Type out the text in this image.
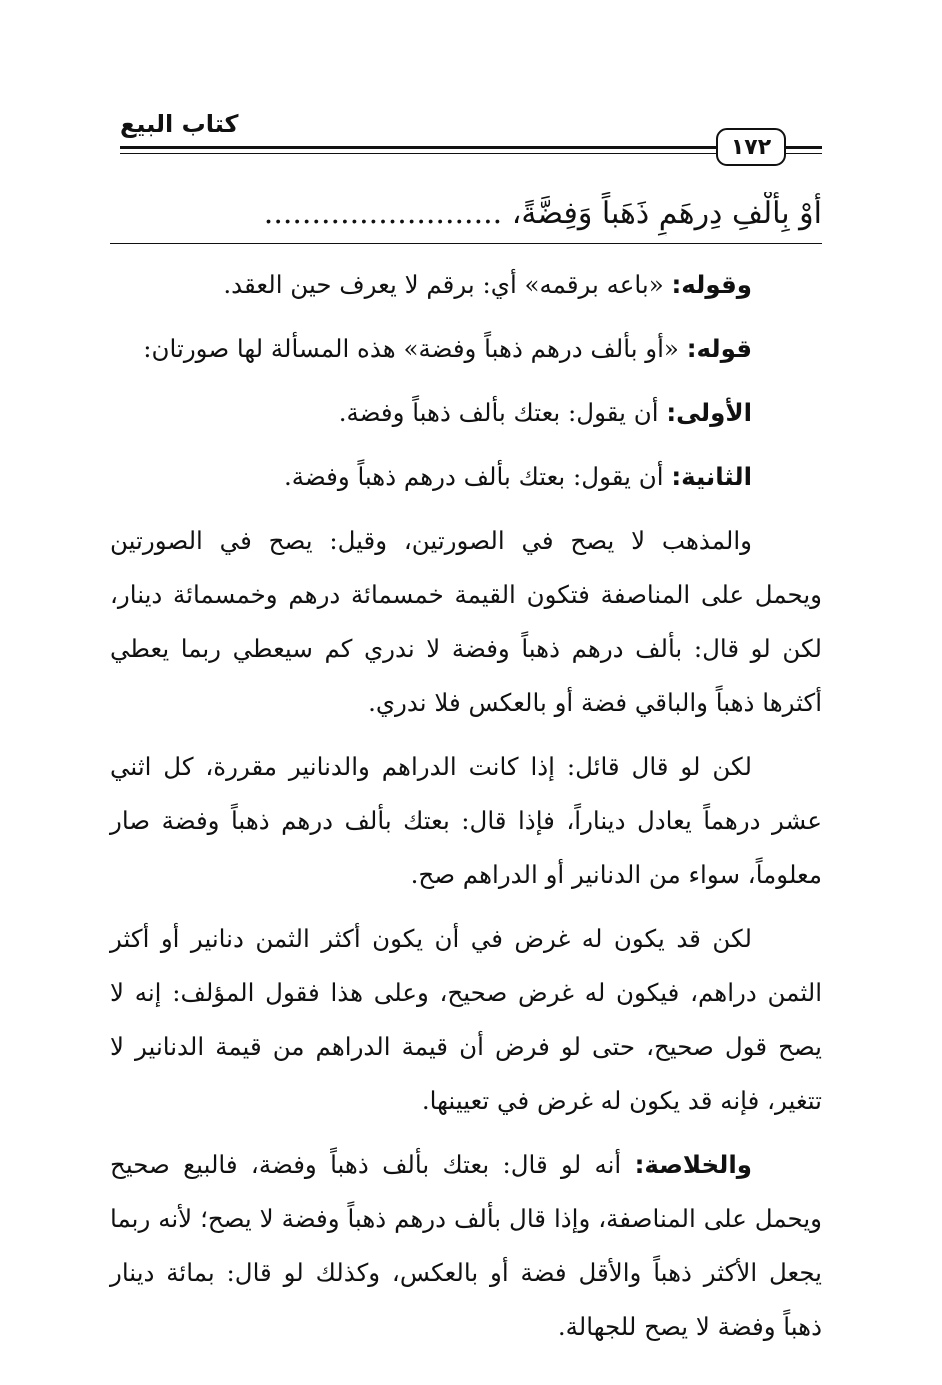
كتاب البيع
١٧٢
أَوْ بِأَلْفِ دِرهَمٍ ذَهَباً وَفِضَّةً، .........................

وقوله: «باعه برقمه» أي: برقم لا يعرف حين العقد.

قوله: «أو بألف درهم ذهباً وفضة» هذه المسألة لها صورتان:

الأولى: أن يقول: بعتك بألف ذهباً وفضة.

الثانية: أن يقول: بعتك بألف درهم ذهباً وفضة.

والمذهب لا يصح في الصورتين، وقيل: يصح في الصورتين ويحمل على المناصفة فتكون القيمة خمسمائة درهم وخمسمائة دينار، لكن لو قال: بألف درهم ذهباً وفضة لا ندري كم سيعطي ربما يعطي أكثرها ذهباً والباقي فضة أو بالعكس فلا ندري.

لكن لو قال قائل: إذا كانت الدراهم والدنانير مقررة، كل اثني عشر درهماً يعادل ديناراً، فإذا قال: بعتك بألف درهم ذهباً وفضة صار معلوماً، سواء من الدنانير أو الدراهم صح.

لكن قد يكون له غرض في أن يكون أكثر الثمن دنانير أو أكثر الثمن دراهم، فيكون له غرض صحيح، وعلى هذا فقول المؤلف: إنه لا يصح قول صحيح، حتى لو فرض أن قيمة الدراهم من قيمة الدنانير لا تتغير، فإنه قد يكون له غرض في تعيينها.

والخلاصة: أنه لو قال: بعتك بألف ذهباً وفضة، فالبيع صحيح ويحمل على المناصفة، وإذا قال بألف درهم ذهباً وفضة لا يصح؛ لأنه ربما يجعل الأكثر ذهباً والأقل فضة أو بالعكس، وكذلك لو قال: بمائة دينار ذهباً وفضة لا يصح للجهالة.
